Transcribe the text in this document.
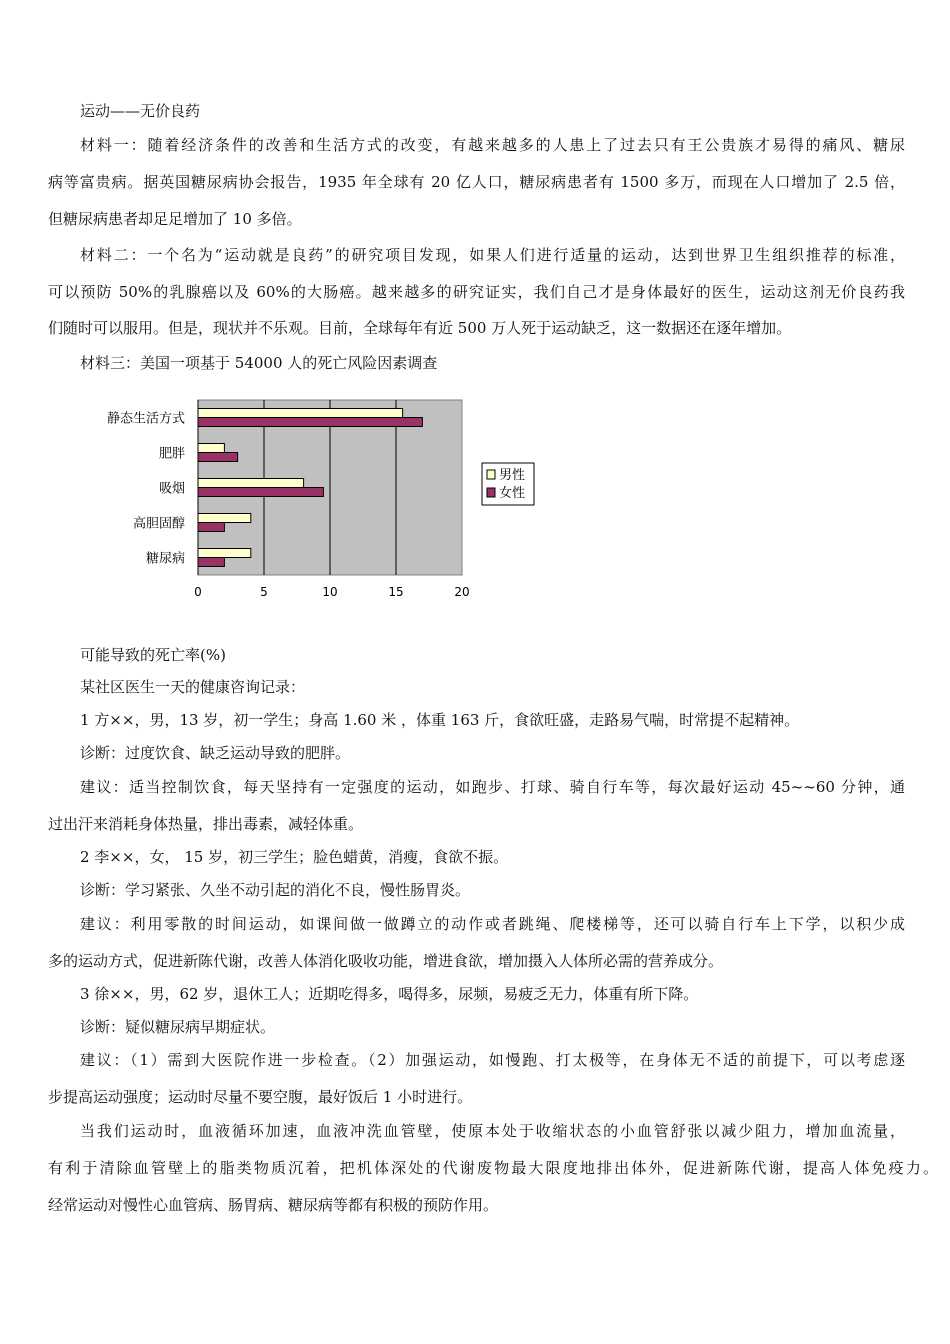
运动——无价良药

材料一：随着经济条件的改善和生活方式的改变，有越来越多的人患上了过去只有王公贵族才易得的痛风、糖尿

病等富贵病。据英国糖尿病协会报告，1935 年全球有 20 亿人口，糖尿病患者有 1500 多万，而现在人口增加了 2.5 倍，

但糖尿病患者却足足增加了 10 多倍。

材料二：一个名为“运动就是良药”的研究项目发现，如果人们进行适量的运动，达到世界卫生组织推荐的标准，

可以预防 50%的乳腺癌以及 60%的大肠癌。越来越多的研究证实，我们自己才是身体最好的医生，运动这剂无价良药我

们随时可以服用。但是，现状并不乐观。目前，全球每年有近 500 万人死于运动缺乏，这一数据还在逐年增加。

材料三：美国一项基于 54000 人的死亡风险因素调查

静态生活方式
肥胖
吸烟
高胆固醇
糖尿病
0	5	10	15	20
男性
女性

可能导致的死亡率(%)

某社区医生一天的健康咨询记录：

1 方××，男，13 岁，初一学生；身高 1.60 米 ，体重 163 斤，食欲旺盛，走路易气喘，时常提不起精神。

诊断：过度饮食、缺乏运动导致的肥胖。

建议：适当控制饮食，每天坚持有一定强度的运动，如跑步、打球、骑自行车等，每次最好运动 45~~60 分钟，通

过出汗来消耗身体热量，排出毒素，减轻体重。

2 李××，女， 15 岁，初三学生；脸色蜡黄，消瘦，食欲不振。

诊断：学习紧张、久坐不动引起的消化不良，慢性肠胃炎。

建议：利用零散的时间运动，如课间做一做蹲立的动作或者跳绳、爬楼梯等，还可以骑自行车上下学，以积少成

多的运动方式，促进新陈代谢，改善人体消化吸收功能，增进食欲，增加摄入人体所必需的营养成分。

3 徐××，男，62 岁，退休工人；近期吃得多，喝得多，尿频，易疲乏无力，体重有所下降。

诊断：疑似糖尿病早期症状。

建议：（1）需到大医院作进一步检查。（2）加强运动，如慢跑、打太极等，在身体无不适的前提下，可以考虑逐

步提高运动强度；运动时尽量不要空腹，最好饭后 1 小时进行。

当我们运动时，血液循环加速，血液冲洗血管壁，使原本处于收缩状态的小血管舒张以减少阻力，增加血流量，

有利于清除血管壁上的脂类物质沉着，把机体深处的代谢废物最大限度地排出体外，促进新陈代谢，提高人体免疫力。

经常运动对慢性心血管病、肠胃病、糖尿病等都有积极的预防作用。
